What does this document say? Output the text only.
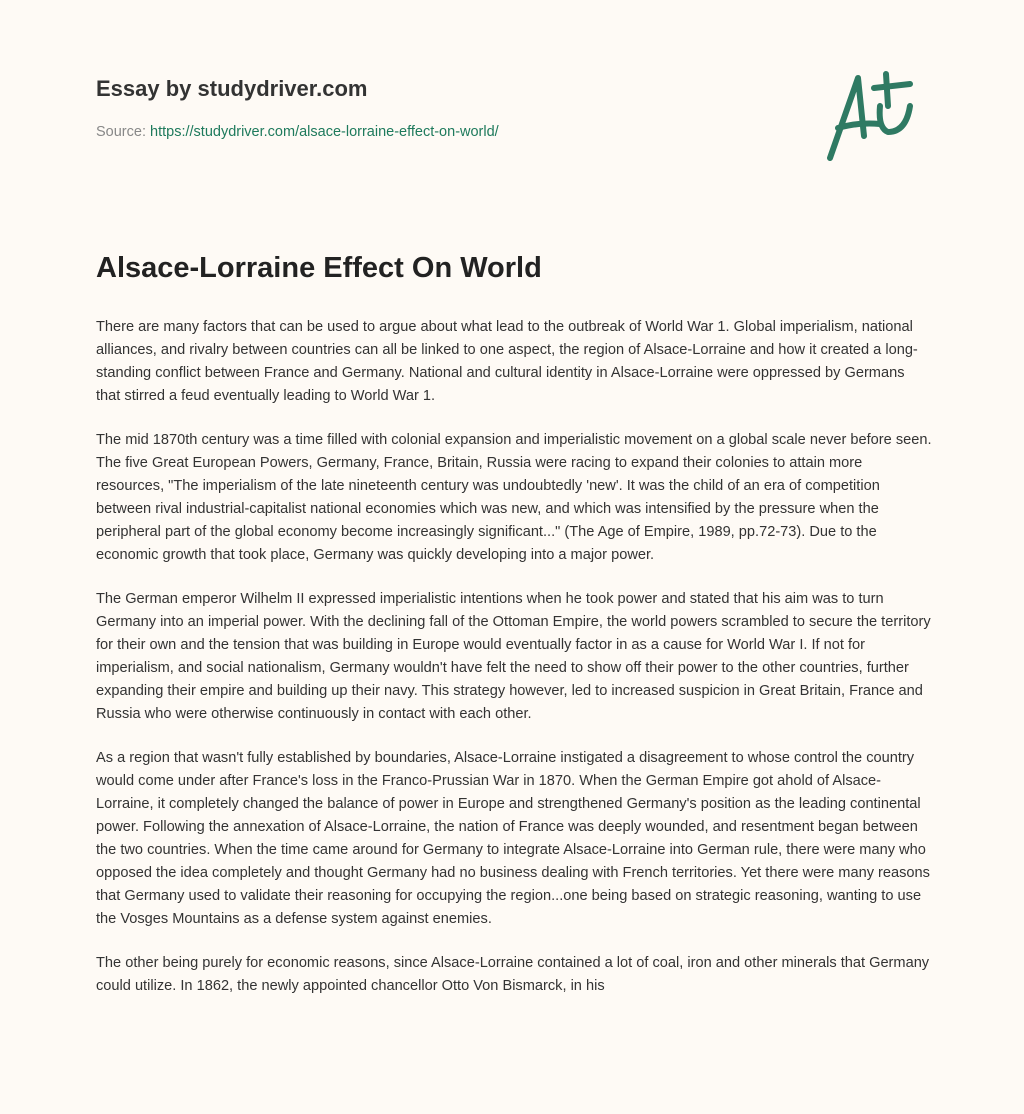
Essay by studydriver.com
Source: https://studydriver.com/alsace-lorraine-effect-on-world/
Alsace-Lorraine Effect On World

There are many factors that can be used to argue about what lead to the outbreak of World War 1. Global imperialism, national alliances, and rivalry between countries can all be linked to one aspect, the region of Alsace-Lorraine and how it created a long-standing conflict between France and Germany. National and cultural identity in Alsace-Lorraine were oppressed by Germans that stirred a feud eventually leading to World War 1.

The mid 1870th century was a time filled with colonial expansion and imperialistic movement on a global scale never before seen. The five Great European Powers, Germany, France, Britain, Russia were racing to expand their colonies to attain more resources, "The imperialism of the late nineteenth century was undoubtedly 'new'. It was the child of an era of competition between rival industrial-capitalist national economies which was new, and which was intensified by the pressure when the peripheral part of the global economy become increasingly significant..." (The Age of Empire, 1989, pp.72-73). Due to the economic growth that took place, Germany was quickly developing into a major power.

The German emperor Wilhelm II expressed imperialistic intentions when he took power and stated that his aim was to turn Germany into an imperial power. With the declining fall of the Ottoman Empire, the world powers scrambled to secure the territory for their own and the tension that was building in Europe would eventually factor in as a cause for World War I. If not for imperialism, and social nationalism, Germany wouldn't have felt the need to show off their power to the other countries, further expanding their empire and building up their navy. This strategy however, led to increased suspicion in Great Britain, France and Russia who were otherwise continuously in contact with each other.

As a region that wasn't fully established by boundaries, Alsace-Lorraine instigated a disagreement to whose control the country would come under after France's loss in the Franco-Prussian War in 1870. When the German Empire got ahold of Alsace-Lorraine, it completely changed the balance of power in Europe and strengthened Germany's position as the leading continental power. Following the annexation of Alsace-Lorraine, the nation of France was deeply wounded, and resentment began between the two countries. When the time came around for Germany to integrate Alsace-Lorraine into German rule, there were many who opposed the idea completely and thought Germany had no business dealing with French territories. Yet there were many reasons that Germany used to validate their reasoning for occupying the region...one being based on strategic reasoning, wanting to use the Vosges Mountains as a defense system against enemies.

The other being purely for economic reasons, since Alsace-Lorraine contained a lot of coal, iron and other minerals that Germany could utilize. In 1862, the newly appointed chancellor Otto Von Bismarck, in his
